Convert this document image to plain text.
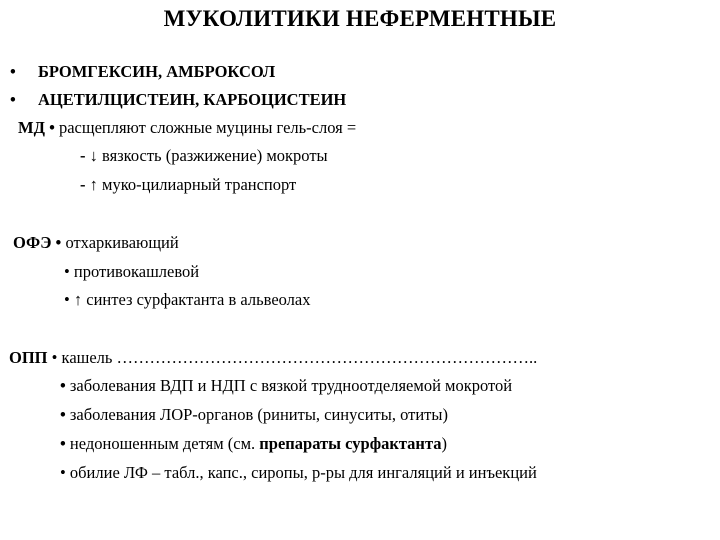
МУКОЛИТИКИ НЕФЕРМЕНТНЫЕ
• БРОМГЕКСИН, АМБРОКСОЛ
• АЦЕТИЛЦИСТЕИН, КАРБОЦИСТЕИН
МД • расщепляют сложные муцины гель-слоя =
- ↓ вязкость (разжижение) мокроты
- ↑ муко-цилиарный транспорт
ОФЭ • отхаркивающий
• противокашлевой
• ↑ синтез сурфактанта в альвеолах
ОПП • кашель …………………………………………………………………..
• заболевания ВДП и НДП с вязкой трудноотделяемой мокротой
• заболевания ЛОР-органов (риниты, синуситы, отиты)
• недоношенным детям (см. препараты сурфактанта)
• обилие ЛФ – табл., капс., сиропы, р-ры для ингаляций и инъекций
